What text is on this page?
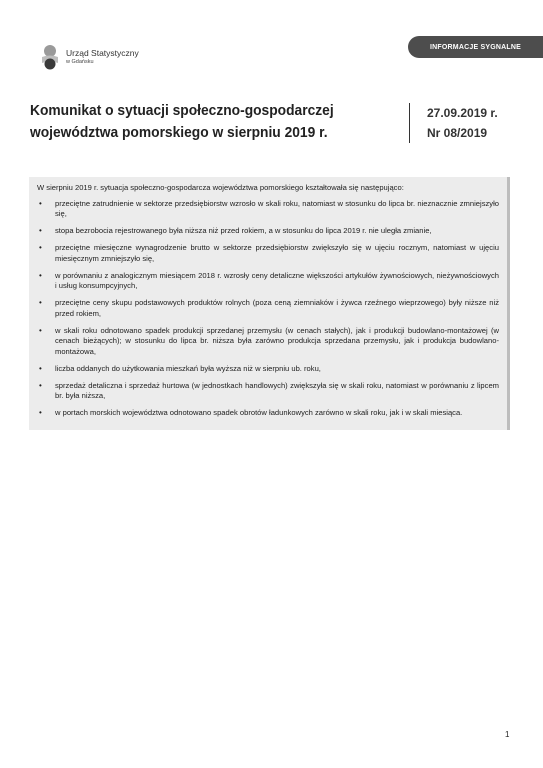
Urząd Statystyczny
w Gdańsku
INFORMACJE SYGNALNE
Komunikat o sytuacji społeczno-gospodarczej województwa pomorskiego w sierpniu 2019 r.
27.09.2019 r.
Nr 08/2019

W sierpniu 2019 r. sytuacja społeczno-gospodarcza województwa pomorskiego kształtowała się następująco:

• przeciętne zatrudnienie w sektorze przedsiębiorstw wzrosło w skali roku, natomiast w stosunku do lipca br. nieznacznie zmniejszyło się,
• stopa bezrobocia rejestrowanego była niższa niż przed rokiem, a w stosunku do lipca 2019 r. nie uległa zmianie,
• przeciętne miesięczne wynagrodzenie brutto w sektorze przedsiębiorstw zwiększyło się w ujęciu rocznym, natomiast w ujęciu miesięcznym zmniejszyło się,
• w porównaniu z analogicznym miesiącem 2018 r. wzrosły ceny detaliczne większości artykułów żywnościowych, nieżywnościowych i usług konsumpcyjnych,
• przeciętne ceny skupu podstawowych produktów rolnych (poza ceną ziemniaków i żywca rzeźnego wieprzowego) były niższe niż przed rokiem,
• w skali roku odnotowano spadek produkcji sprzedanej przemysłu (w cenach stałych), jak i produkcji budowlano-montażowej (w cenach bieżących); w stosunku do lipca br. niższa była zarówno produkcja sprzedana przemysłu, jak i produkcja budowlano-montażowa,
• liczba oddanych do użytkowania mieszkań była wyższa niż w sierpniu ub. roku,
• sprzedaż detaliczna i sprzedaż hurtowa (w jednostkach handlowych) zwiększyła się w skali roku, natomiast w porównaniu z lipcem br. była niższa,
• w portach morskich województwa odnotowano spadek obrotów ładunkowych zarówno w skali roku, jak i w skali miesiąca.
1
